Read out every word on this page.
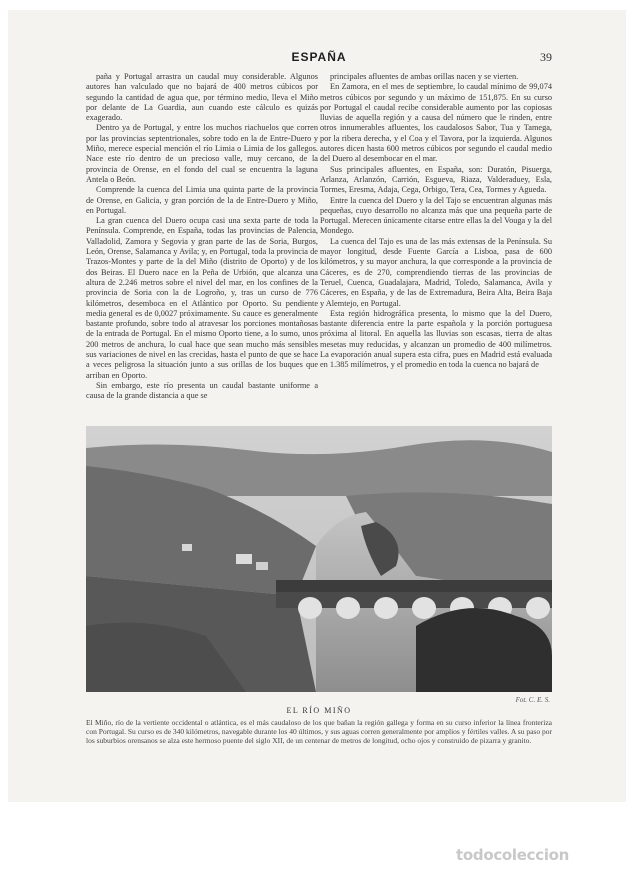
ESPAÑA	39

paña y Portugal arrastra un caudal muy considerable. Algunos autores han valculado que no bajará de 400 metros cúbicos por segundo la cantidad de agua que, por término medio, lleva el Miño por delante de La Guardia, aun cuando este cálculo es quizás exagerado.

Dentro ya de Portugal, y entre los muchos riachuelos que corren por las provincias septentrionales, sobre todo en la de Entre-Duero y Miño, merece especial mención el río Limia o Limia de los gallegos. Nace este río dentro de un precioso valle, muy cercano, de la provincia de Orense, en el fondo del cual se encuentra la laguna Antela o Beón.

Comprende la cuenca del Limia una quinta parte de la provincia de Orense, en Galicia, y gran porción de la de Entre-Duero y Miño, en Portugal.

La gran cuenca del Duero ocupa casi una sexta parte de toda la Península. Comprende, en España, todas las provincias de Palencia, Valladolid, Zamora y Segovia y gran parte de las de Soria, Burgos, León, Orense, Salamanca y Avila; y, en Portugal, toda la provincia de Trazos-Montes y parte de la del Miño (distrito de Oporto) y de los dos Beiras. El Duero nace en la Peña de Urbión, que alcanza una altura de 2.246 metros sobre el nivel del mar, en los confines de la provincia de Soria con la de Logroño, y, tras un curso de 776 kilómetros, desemboca en el Atlántico por Oporto. Su pendiente media general es de 0,0027 próximamente. Su cauce es generalmente bastante profundo, sobre todo al atravesar los porciones montañosas de la entrada de Portugal. En el mismo Oporto tiene, a lo sumo, unos 200 metros de anchura, lo cual hace que sean mucho más sensibles sus variaciones de nivel en las crecidas, hasta el punto de que se hace a veces peligrosa la situación junto a sus orillas de los buques que arriban en Oporto.

Sin embargo, este río presenta un caudal bastante uniforme a causa de la grande distancia a que se

principales afluentes de ambas orillas nacen y se vierten.

En Zamora, en el mes de septiembre, lo caudal mínimo de 99,074 metros cúbicos por segundo y un máximo de 151,875. En su curso por Portugal el caudal recibe considerable aumento por las copiosas lluvias de aquella región y a causa del número que le rinden, entre otros innumerables afluentes, los caudalosos Sabor, Tua y Tamega, por la ribera derecha, y el Coa y el Tavora, por la izquierda. Algunos autores dicen hasta 600 metros cúbicos por segundo el caudal medio del Duero al desembocar en el mar.

Sus principales afluentes, en España, son: Duratón, Pisuerga, Arlanza, Arlanzón, Carrión, Esgueva, Riaza, Valderaduey, Esla, Tormes, Eresma, Adaja, Cega, Orbigo, Tera, Cea, Tormes y Agueda.

Entre la cuenca del Duero y la del Tajo se encuentran algunas más pequeñas, cuyo desarrollo no alcanza más que una pequeña parte de Portugal. Merecen únicamente citarse entre ellas la del Vouga y la del Mondego.

La cuenca del Tajo es una de las más extensas de la Península. Su mayor longitud, desde Fuente García a Lisboa, pasa de 600 kilómetros, y su mayor anchura, la que corresponde a la provincia de Cáceres, es de 270, comprendiendo tierras de las provincias de Teruel, Cuenca, Guadalajara, Madrid, Toledo, Salamanca, Avila y Cáceres, en España, y de las de Extremadura, Beira Alta, Beira Baja y Alemtejo, en Portugal.

Esta región hidrográfica presenta, lo mismo que la del Duero, bastante diferencia entre la parte española y la porción portuguesa próxima al litoral. En aquella las lluvias son escasas, tierra de altas mesetas muy reducidas, y alcanzan un promedio de 400 milímetros. La evaporación anual supera esta cifra, pues en Madrid está evaluada en 1.385 milímetros, y el promedio en toda la cuenca no bajará de

Fot. C. E. S.
EL RÍO MIÑO
El Miño, río de la vertiente occidental o atlántica, es el más caudaloso de los que bañan la región gallega y forma en su curso inferior la línea fronteriza con Portugal. Su curso es de 340 kilómetros, navegable durante los 40 últimos, y sus aguas corren generalmente por amplios y fértiles valles. A su paso por los suburbios orensanos se alza este hermoso puente del siglo XII, de un centenar de metros de longitud, ocho ojos y construido de pizarra y granito.
todocoleccion
